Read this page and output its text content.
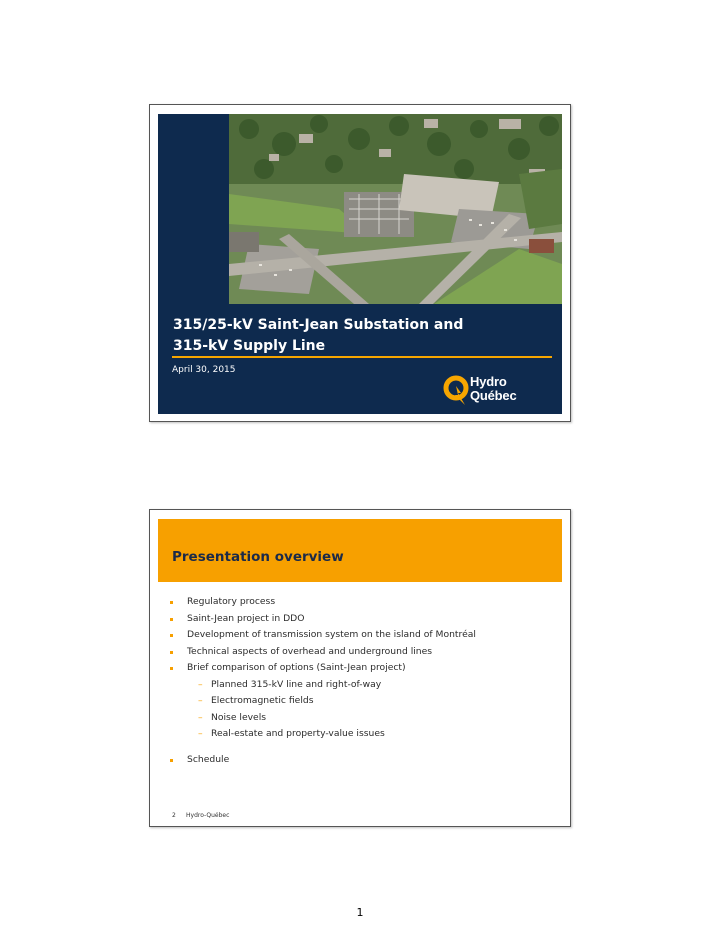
315/25-kV Saint-Jean Substation and
315-kV Supply Line
April 30, 2015
Hydro
Québec
Presentation overview
Regulatory process
Saint-Jean project in DDO
Development of transmission system on the island of Montréal
Technical aspects of overhead and underground lines
Brief comparison of options (Saint-Jean project)
– Planned 315-kV line and right-of-way
– Electromagnetic fields
– Noise levels
– Real-estate and property-value issues
Schedule
2 Hydro-Québec
1
